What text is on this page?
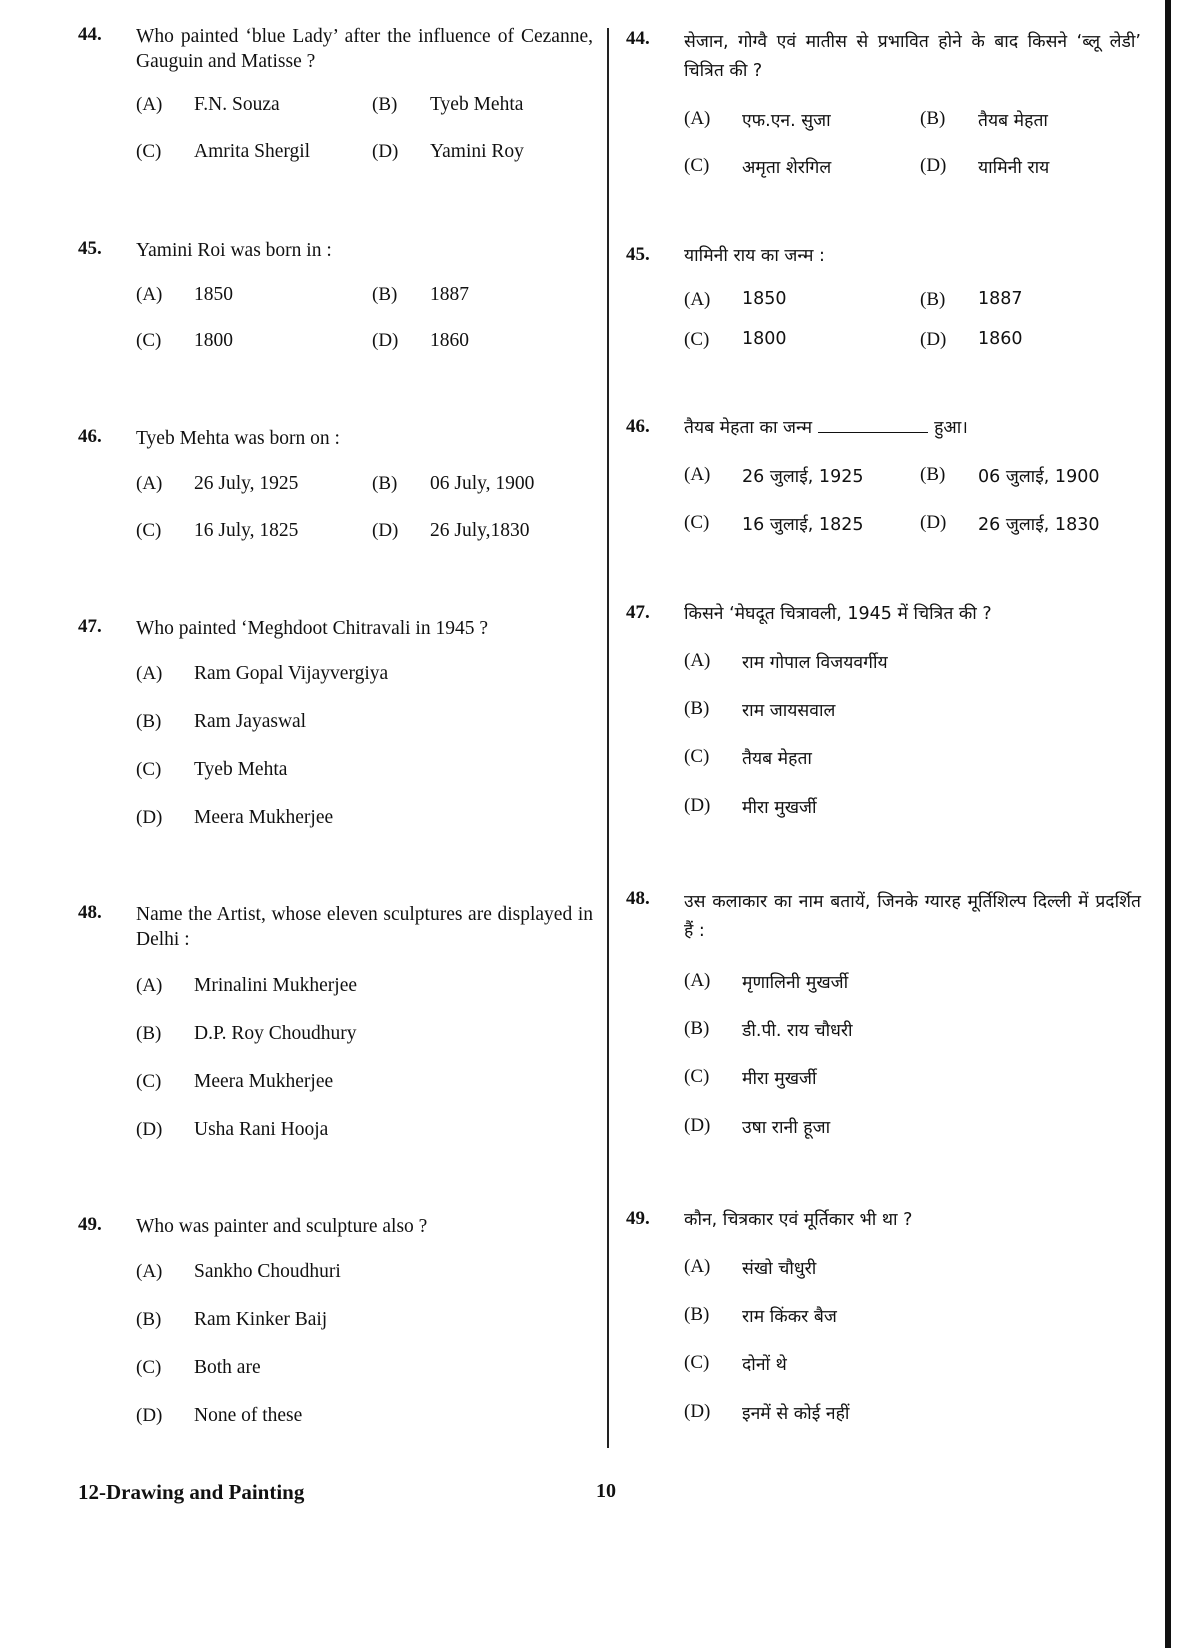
44. Who painted ‘blue Lady’ after the influence of Cezanne, Gauguin and Matisse ?
(A) F.N. Souza	(B) Tyeb Mehta
(C) Amrita Shergil	(D) Yamini Roy
45. Yamini Roi was born in :
(A) 1850	(B) 1887
(C) 1800	(D) 1860
46. Tyeb Mehta was born on :
(A) 26 July, 1925	(B) 06 July, 1900
(C) 16 July, 1825	(D) 26 July,1830
47. Who painted ‘Meghdoot Chitravali in 1945 ?
(A) Ram Gopal Vijayvergiya
(B) Ram Jayaswal
(C) Tyeb Mehta
(D) Meera Mukherjee
48. Name the Artist, whose eleven sculptures are displayed in Delhi :
(A) Mrinalini Mukherjee
(B) D.P. Roy Choudhury
(C) Meera Mukherjee
(D) Usha Rani Hooja
49. Who was painter and sculpture also ?
(A) Sankho Choudhuri
(B) Ram Kinker Baij
(C) Both are
(D) None of these
44. सेजान, गोग्वै एवं मातीस से प्रभावित होने के बाद किसने ‘ब्लू लेडी’ चित्रित की ?
(A) एफ.एन. सुजा	(B) तैयब मेहता
(C) अमृता शेरगिल	(D) यामिनी राय
45. यामिनी राय का जन्म :
(A) 1850	(B) 1887
(C) 1800	(D) 1860
46. तैयब मेहता का जन्म	हुआ।
(A) 26 जुलाई, 1925	(B) 06 जुलाई, 1900
(C) 16 जुलाई, 1825	(D) 26 जुलाई, 1830
47. किसने ‘मेघदूत चित्रावली, 1945 में चित्रित की ?
(A) राम गोपाल विजयवर्गीय
(B) राम जायसवाल
(C) तैयब मेहता
(D) मीरा मुखर्जी
48. उस कलाकार का नाम बतायें, जिनके ग्यारह मूर्तिशिल्प दिल्ली में प्रदर्शित हैं :
(A) मृणालिनी मुखर्जी
(B) डी.पी. राय चौधरी
(C) मीरा मुखर्जी
(D) उषा रानी हूजा
49. कौन, चित्रकार एवं मूर्तिकार भी था ?
(A) संखो चौधुरी
(B) राम किंकर बैज
(C) दोनों थे
(D) इनमें से कोई नहीं
12-Drawing and Painting	10
